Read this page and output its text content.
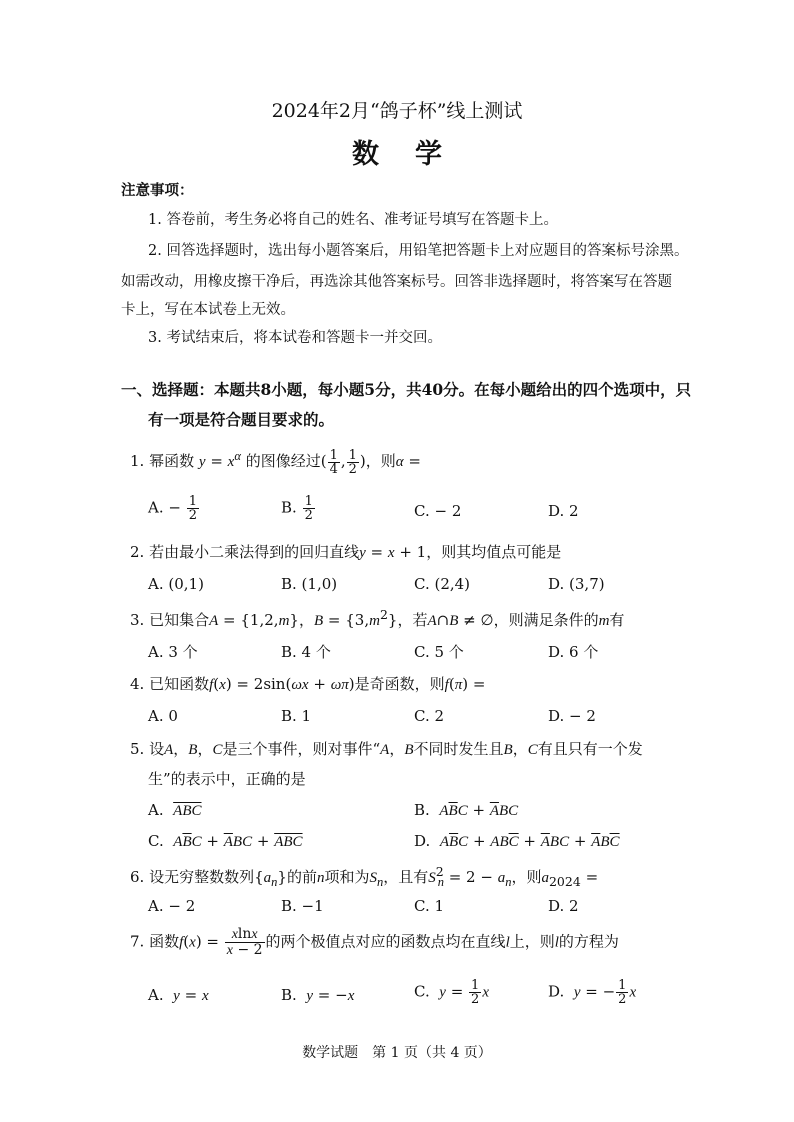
2024年2月“鸽子杯”线上测试
数学
注意事项：
1. 答卷前，考生务必将自己的姓名、准考证号填写在答题卡上。
2. 回答选择题时，选出每小题答案后，用铅笔把答题卡上对应题目的答案标号涂黑。
如需改动，用橡皮擦干净后，再选涂其他答案标号。回答非选择题时，将答案写在答题
卡上，写在本试卷上无效。
3. 考试结束后，将本试卷和答题卡一并交回。
一、选择题：本题共8小题，每小题5分，共40分。在每小题给出的四个选项中，只
有一项是符合题目要求的。
1. 幂函数 $y = x^\alpha$ 的图像经过( $\frac{1}{4}$ , $\frac{1}{2}$ )，则α =
A. − $\frac{1}{2}$	B. $\frac{1}{2}$	C. − 2	D. 2
2. 若由最小二乘法得到的回归直线y = x + 1，则其均值点可能是
A. (0,1)	B. (1,0)	C. (2,4)	D. (3,7)
3. 已知集合A = {1,2,m}，$B = \{3,m^2\}$，若A∩B ≠ ∅，则满足条件的m有
A. 3 个	B. 4 个	C. 5 个	D. 6 个
4. 已知函数f(x) = 2sin(ωx + ωπ)是奇函数，则f(π) =
A. 0	B. 1	C. 2	D. − 2
5. 设A，B，C是三个事件，则对事件“A，B不同时发生且B，C有且只有一个发
生”的表示中，正确的是
A. $\overline{ABC}$	B. $A\overline{B}C + \overline{A}BC$
C. $A\overline{B}C + \overline{A}BC + \overline{ABC}$	D. $A\overline{B}C + AB\overline{C} + \overline{A}BC + \overline{A}B\overline{C}$
6. 设无穷整数数列$\{a_n\}$的前n项和为$S_n$，且有$S^2_n = 2 - a_n$，则$a_{2024}$ =
A. − 2	B. −1	C. 1	D. 2
7. 函数$f(x) = \frac{xlnx}{x - 2}$ 的两个极值点对应的函数点均在直线l上，则l的方程为
A. y = x	B. y = −x	C. $y = \frac{1}{2}$ x	D. y = − $\frac{1}{2}$ x
数学试题　第 1 页（共 4 页）
